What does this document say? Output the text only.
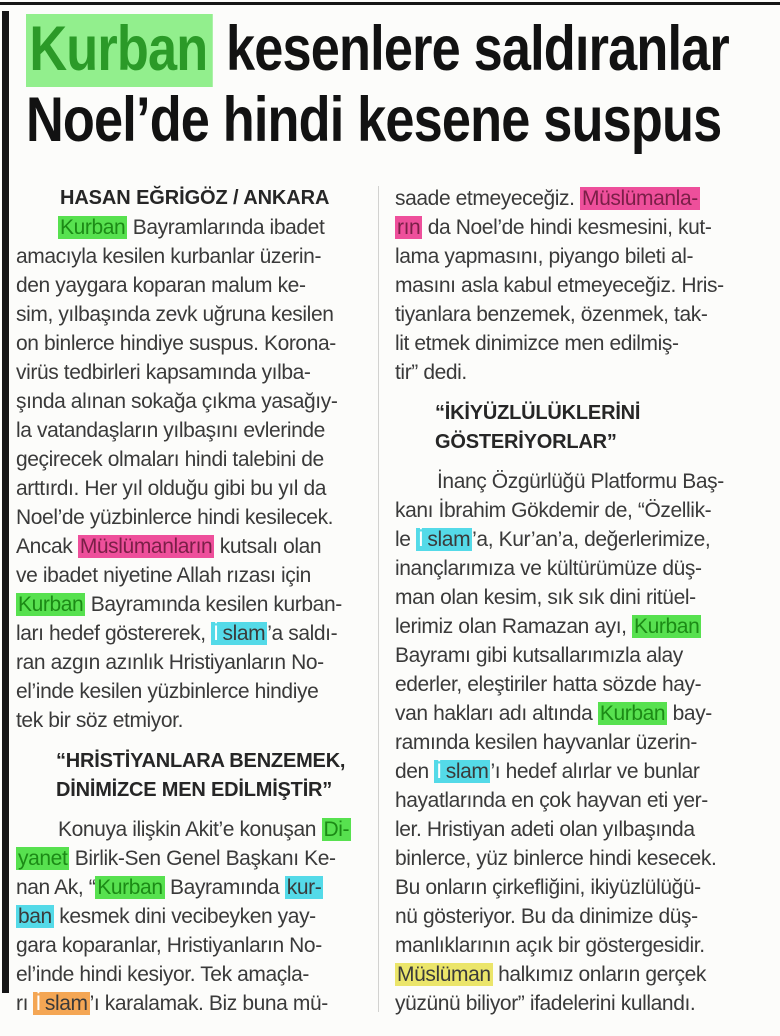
Kurban kesenlere saldıranlar
Noel’de hindi kesene suspus
HASAN EĞRİGÖZ / ANKARA
Kurban Bayramlarında ibadet
amacıyla kesilen kurbanlar üzerin-
den yaygara koparan malum ke-
sim, yılbaşında zevk uğruna kesilen
on binlerce hindiye suspus. Korona-
virüs tedbirleri kapsamında yılba-
şında alınan sokağa çıkma yasağıy-
la vatandaşların yılbaşını evlerinde
geçirecek olmaları hindi talebini de
arttırdı. Her yıl olduğu gibi bu yıl da
Noel’de yüzbinlerce hindi kesilecek.
Ancak Müslümanların kutsalı olan
ve ibadet niyetine Allah rızası için
Kurban Bayramında kesilen kurban-
ları hedef göstererek, İ slam’a saldı-
ran azgın azınlık Hristiyanların No-
el’inde kesilen yüzbinlerce hindiye
tek bir söz etmiyor.
“HRİSTİYANLARA BENZEMEK,
DİNİMİZCE MEN EDİLMİŞTİR”
Konuya ilişkin Akit’e konuşan Di-
yanet Birlik-Sen Genel Başkanı Ke-
nan Ak, “Kurban Bayramında kur-
ban kesmek dini vecibeyken yay-
gara koparanlar, Hristiyanların No-
el’inde hindi kesiyor. Tek amaçla-
rı İ slam’ı karalamak. Biz buna mü-
saade etmeyeceğiz. Müslümanla-
rın da Noel’de hindi kesmesini, kut-
lama yapmasını, piyango bileti al-
masını asla kabul etmeyeceğiz. Hris-
tiyanlara benzemek, özenmek, tak-
lit etmek dinimizce men edilmiş-
tir” dedi.
“İKİYÜZLÜLÜKLERİNİ
GÖSTERİYORLAR”
İnanç Özgürlüğü Platformu Baş-
kanı İbrahim Gökdemir de, “Özellik-
le İ slam’a, Kur’an’a, değerlerimize,
inançlarımıza ve kültürümüze düş-
man olan kesim, sık sık dini ritüel-
lerimiz olan Ramazan ayı, Kurban
Bayramı gibi kutsallarımızla alay
ederler, eleştiriler hatta sözde hay-
van hakları adı altında Kurban bay-
ramında kesilen hayvanlar üzerin-
den İ slam’ı hedef alırlar ve bunlar
hayatlarında en çok hayvan eti yer-
ler. Hristiyan adeti olan yılbaşında
binlerce, yüz binlerce hindi kesecek.
Bu onların çirkefliğini, ikiyüzlülüğü-
nü gösteriyor. Bu da dinimize düş-
manlıklarının açık bir göstergesidir.
Müslüman halkımız onların gerçek
yüzünü biliyor” ifadelerini kullandı.
